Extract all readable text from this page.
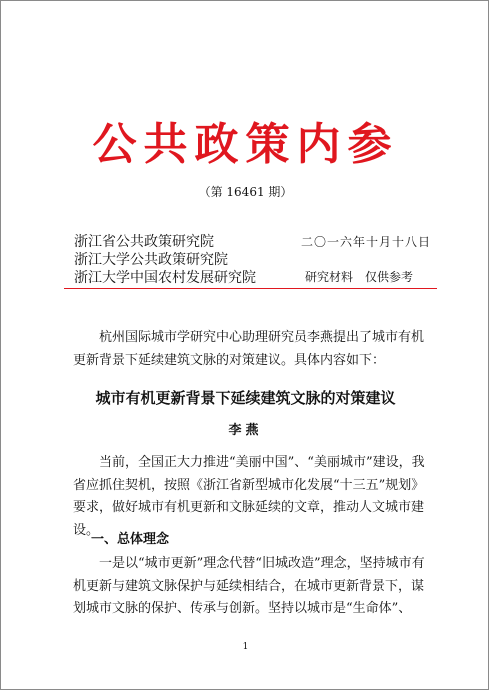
公共政策内参
（第 16461 期）
浙江省公共政策研究院
浙江大学公共政策研究院
浙江大学中国农村发展研究院
二〇一六年十月十八日
研究材料　仅供参考

杭州国际城市学研究中心助理研究员李燕提出了城市有机更新背景下延续建筑文脉的对策建议。具体内容如下：

城市有机更新背景下延续建筑文脉的对策建议
李燕

当前，全国正大力推进“美丽中国”、“美丽城市”建设，我省应抓住契机，按照《浙江省新型城市化发展“十三五”规划》要求，做好城市有机更新和文脉延续的文章，推动人文城市建设。

一、总体理念

一是以“城市更新”理念代替“旧城改造”理念，坚持城市有机更新与建筑文脉保护与延续相结合，在城市更新背景下，谋划城市文脉的保护、传承与创新。坚持以城市是“生命体”、

1
